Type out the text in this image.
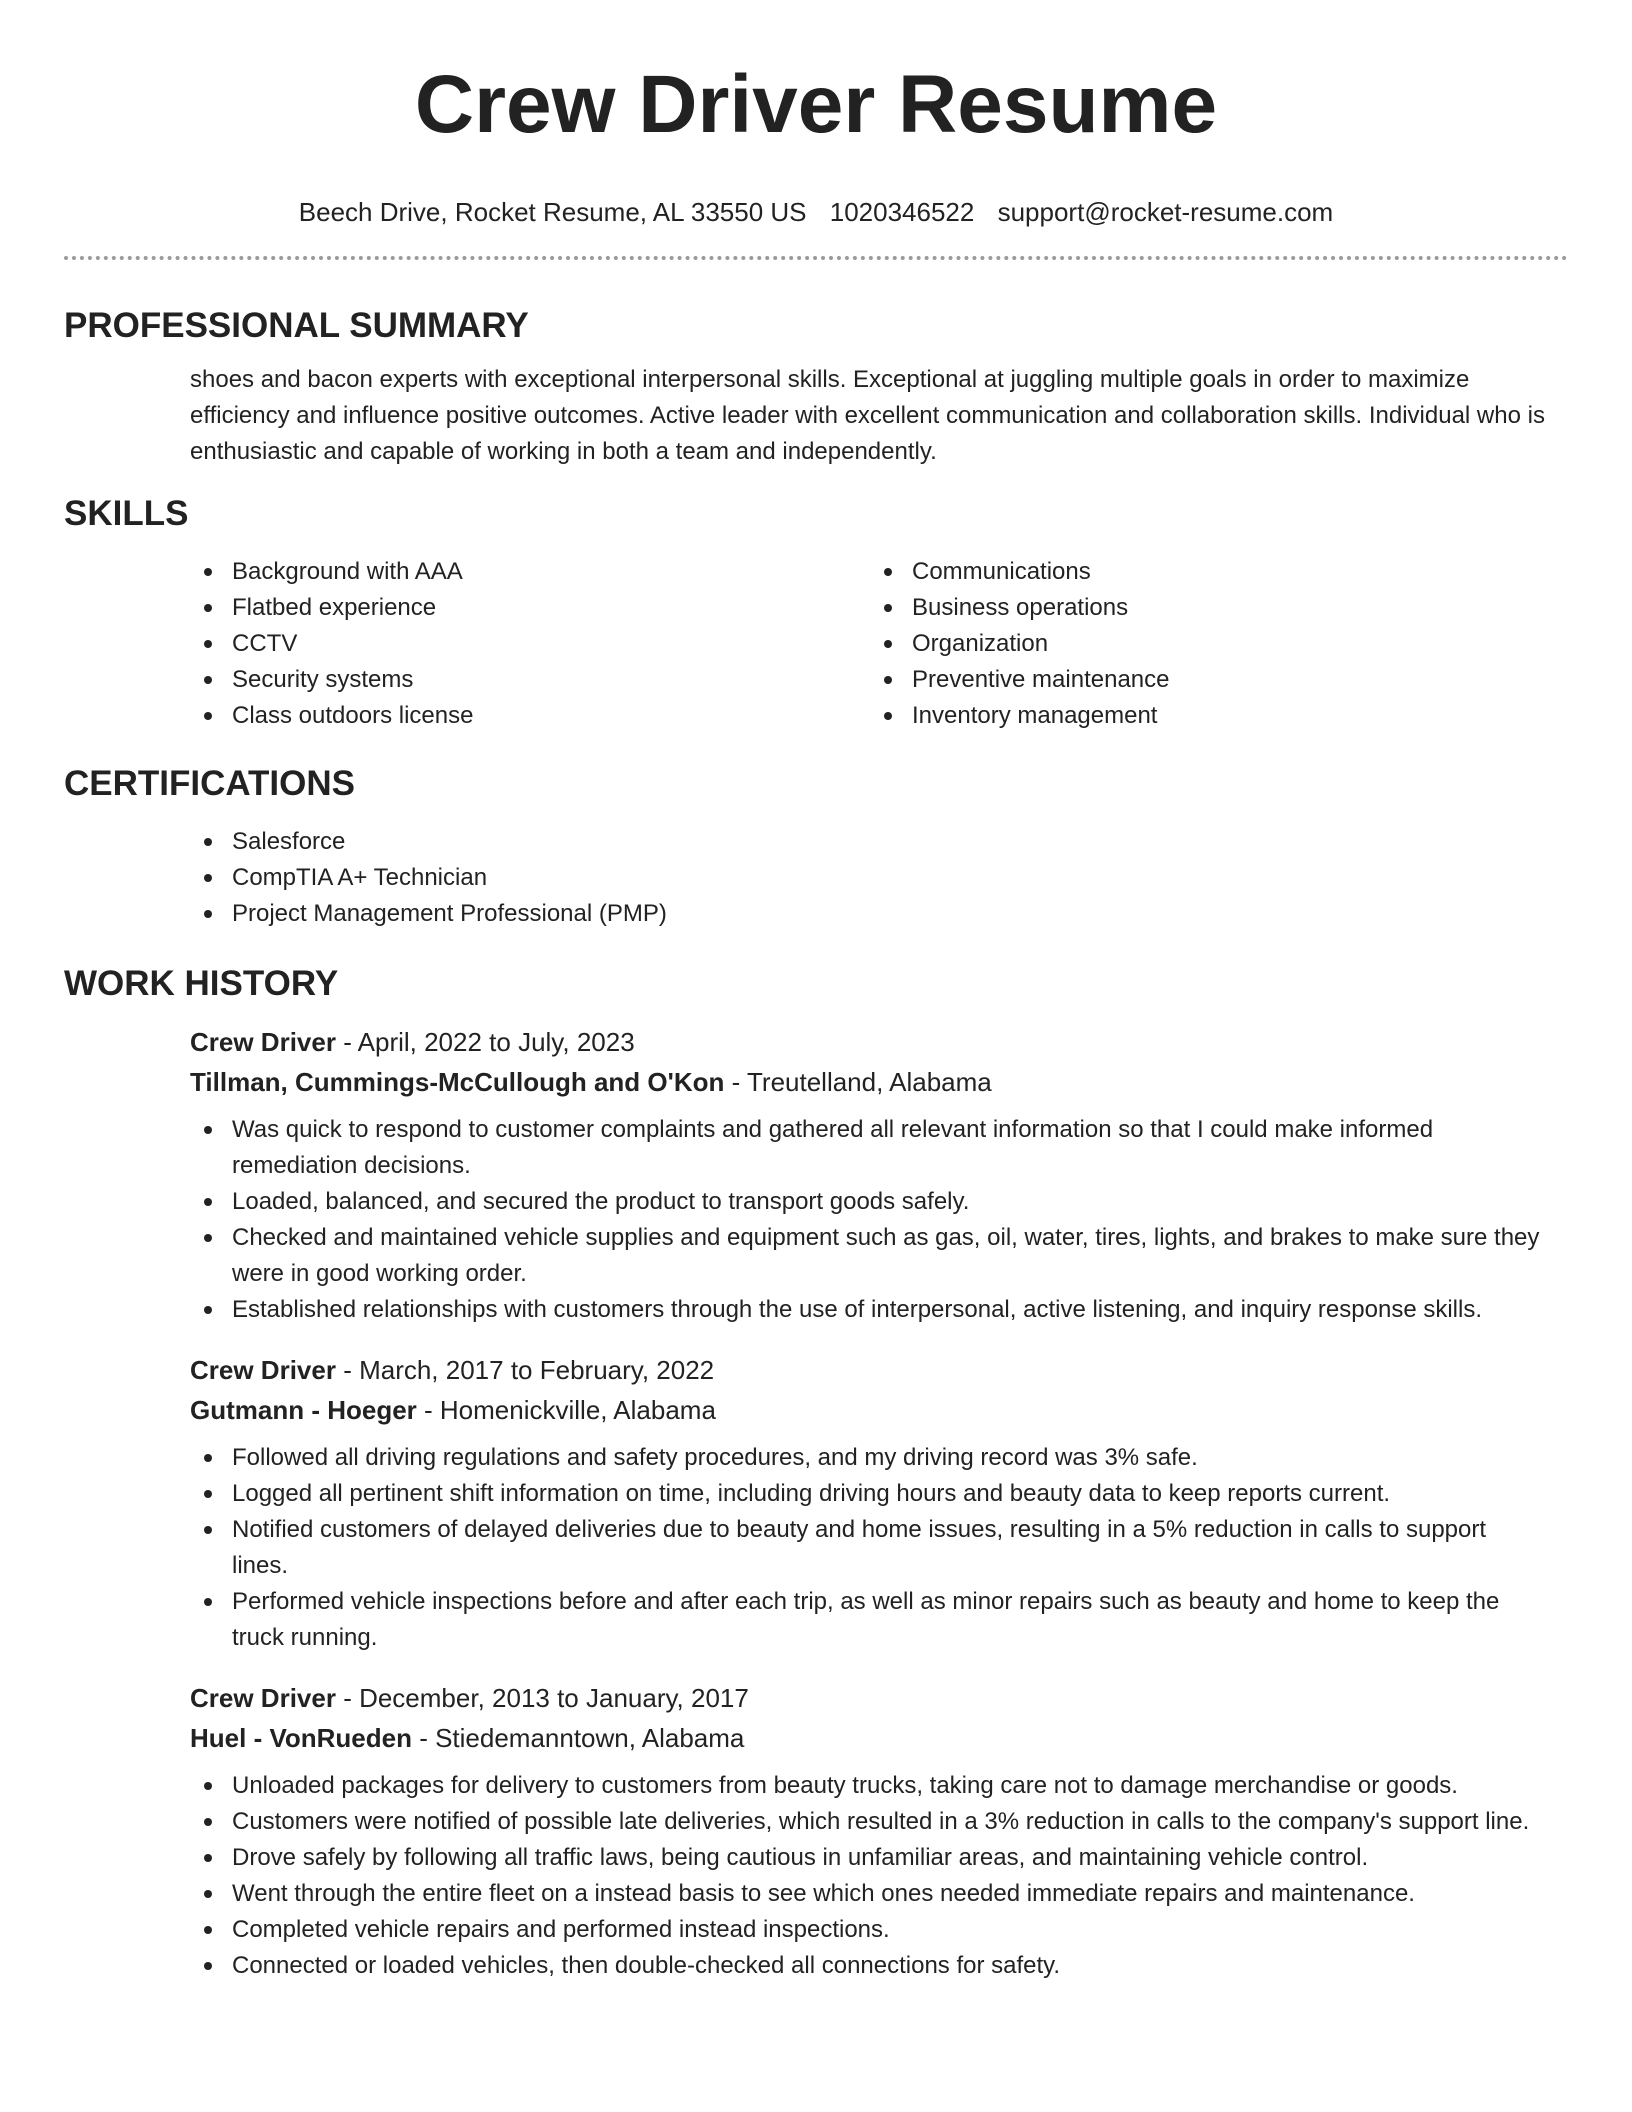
Crew Driver Resume
Beech Drive, Rocket Resume, AL 33550 US 1020346522 support@rocket-resume.com
PROFESSIONAL SUMMARY
shoes and bacon experts with exceptional interpersonal skills. Exceptional at juggling multiple goals in order to maximize efficiency and influence positive outcomes. Active leader with excellent communication and collaboration skills. Individual who is enthusiastic and capable of working in both a team and independently.
SKILLS
Background with AAA
Flatbed experience
CCTV
Security systems
Class outdoors license
Communications
Business operations
Organization
Preventive maintenance
Inventory management
CERTIFICATIONS
Salesforce
CompTIA A+ Technician
Project Management Professional (PMP)
WORK HISTORY
Crew Driver - April, 2022 to July, 2023
Tillman, Cummings-McCullough and O'Kon - Treutelland, Alabama
Was quick to respond to customer complaints and gathered all relevant information so that I could make informed remediation decisions.
Loaded, balanced, and secured the product to transport goods safely.
Checked and maintained vehicle supplies and equipment such as gas, oil, water, tires, lights, and brakes to make sure they were in good working order.
Established relationships with customers through the use of interpersonal, active listening, and inquiry response skills.
Crew Driver - March, 2017 to February, 2022
Gutmann - Hoeger - Homenickville, Alabama
Followed all driving regulations and safety procedures, and my driving record was 3% safe.
Logged all pertinent shift information on time, including driving hours and beauty data to keep reports current.
Notified customers of delayed deliveries due to beauty and home issues, resulting in a 5% reduction in calls to support lines.
Performed vehicle inspections before and after each trip, as well as minor repairs such as beauty and home to keep the truck running.
Crew Driver - December, 2013 to January, 2017
Huel - VonRueden - Stiedemanntown, Alabama
Unloaded packages for delivery to customers from beauty trucks, taking care not to damage merchandise or goods.
Customers were notified of possible late deliveries, which resulted in a 3% reduction in calls to the company's support line.
Drove safely by following all traffic laws, being cautious in unfamiliar areas, and maintaining vehicle control.
Went through the entire fleet on a instead basis to see which ones needed immediate repairs and maintenance.
Completed vehicle repairs and performed instead inspections.
Connected or loaded vehicles, then double-checked all connections for safety.
